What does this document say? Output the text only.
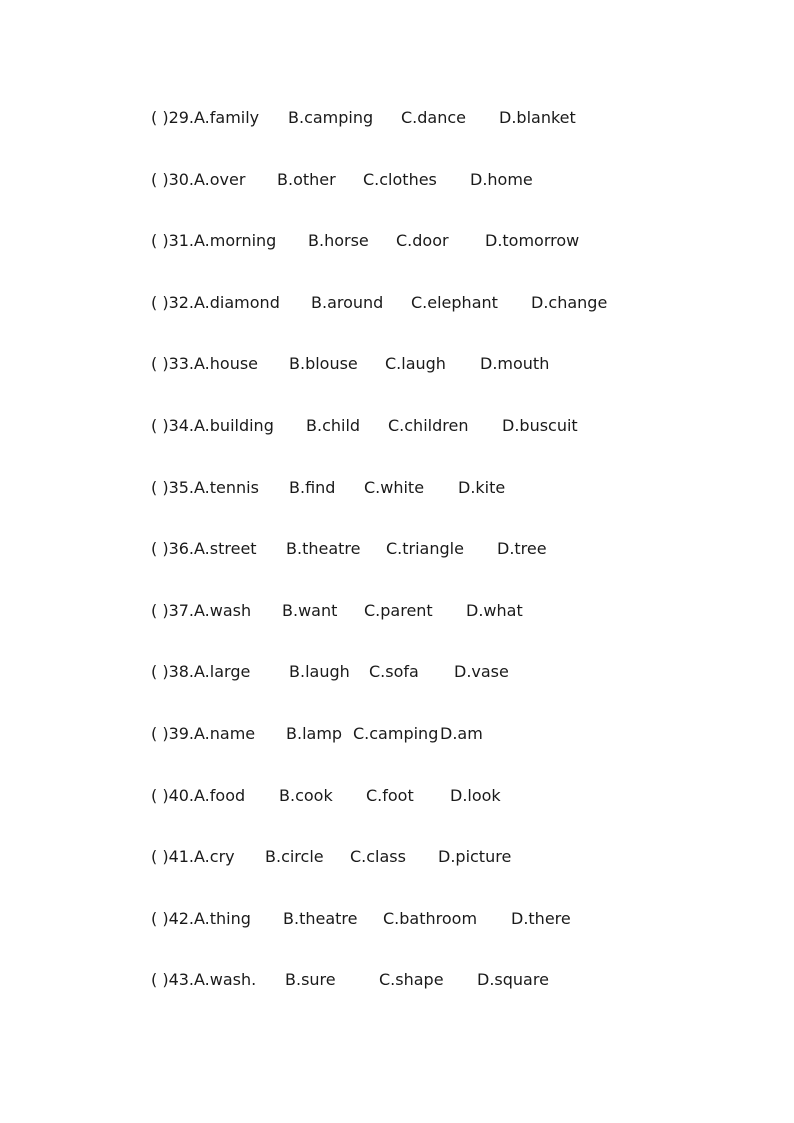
( )29.A.family B.camping C.dance D.blanket
( )30.A.over B.other C.clothes D.home
( )31.A.morning B.horse C.door D.tomorrow
( )32.A.diamond B.around C.elephant D.change
( )33.A.house B.blouse C.laugh D.mouth
( )34.A.building B.child C.children D.buscuit
( )35.A.tennis B.find C.white D.kite
( )36.A.street B.theatre C.triangle D.tree
( )37.A.wash B.want C.parent D.what
( )38.A.large B.laugh C.sofa D.vase
( )39.A.name B.lamp C.camping D.am
( )40.A.food B.cook C.foot D.look
( )41.A.cry B.circle C.class D.picture
( )42.A.thing B.theatre C.bathroom D.there
( )43.A.wash. B.sure	C.shape D.square
